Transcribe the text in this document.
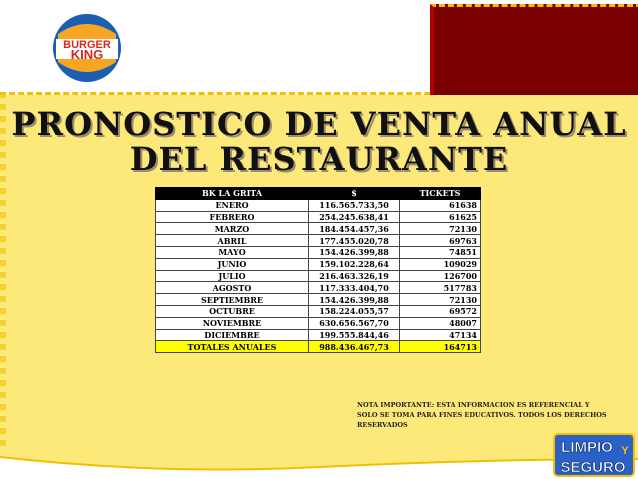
BURGER
KING
PRONOSTICO DE VENTA ANUAL
DEL RESTAURANTE
BK LA GRITA	$	TICKETS
ENERO	116.565.733,50	61638
FEBRERO	254.245.638,41	61625
MARZO	184.454.457,36	72130
ABRIL	177.455.020,78	69763
MAYO	154.426.399,88	74851
JUNIO	159.102.228,64	109029
JULIO	216.463.326,19	126700
AGOSTO	117.333.404,70	517783
SEPTIEMBRE	154.426.399,88	72130
OCTUBRE	158.224.055,57	69572
NOVIEMBRE	630.656.567,70	48007
DICIEMBRE	199.555.844,46	47134
TOTALES ANUALES	988.436.467,73	164713
NOTA IMPORTANTE: ESTA INFORMACION ES REFERENCIAL Y SOLO SE TOMA PARA FINES EDUCATIVOS. TODOS LOS DERECHOS RESERVADOS
LIMPIO Y
SEGURO
